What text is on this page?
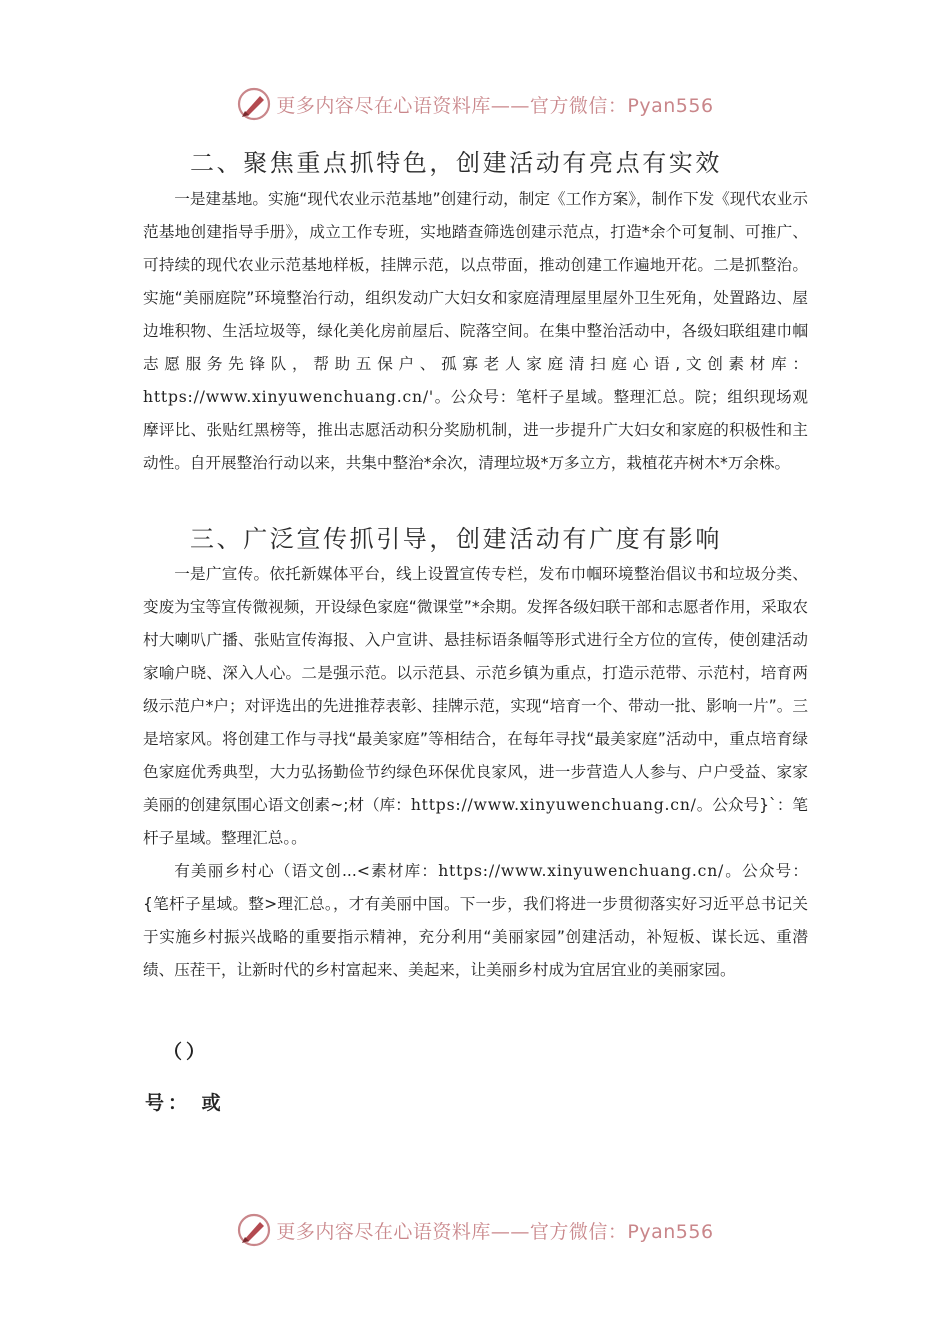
更多内容尽在心语资料库——官方微信：Pyan556
二、聚焦重点抓特色，创建活动有亮点有实效

一是建基地。实施“现代农业示范基地”创建行动，制定《工作方案》，制作下发《现代农业示范基地创建指导手册》，成立工作专班，实地踏查筛选创建示范点，打造*余个可复制、可推广、可持续的现代农业示范基地样板，挂牌示范，以点带面，推动创建工作遍地开花。二是抓整治。实施“美丽庭院”环境整治行动，组织发动广大妇女和家庭清理屋里屋外卫生死角，处置路边、屋边堆积物、生活垃圾等，绿化美化房前屋后、院落空间。在集中整治活动中，各级妇联组建巾帼志愿服务先锋队，帮助五保户、孤寡老人家庭清扫庭心语,文创素材库：https://www.xinyuwenchuang.cn/'。公众号：笔杆子星域。整理汇总。院；组织现场观摩评比、张贴红黑榜等，推出志愿活动积分奖励机制，进一步提升广大妇女和家庭的积极性和主动性。自开展整治行动以来，共集中整治*余次，清理垃圾*万多立方，栽植花卉树木*万余株。

三、广泛宣传抓引导，创建活动有广度有影响

一是广宣传。依托新媒体平台，线上设置宣传专栏，发布巾帼环境整治倡议书和垃圾分类、变废为宝等宣传微视频，开设绿色家庭“微课堂”*余期。发挥各级妇联干部和志愿者作用，采取农村大喇叭广播、张贴宣传海报、入户宣讲、悬挂标语条幅等形式进行全方位的宣传，使创建活动家喻户晓、深入人心。二是强示范。以示范县、示范乡镇为重点，打造示范带、示范村，培育两级示范户*户；对评选出的先进推荐表彰、挂牌示范，实现“培育一个、带动一批、影响一片”。三是培家风。将创建工作与寻找“最美家庭”等相结合，在每年寻找“最美家庭”活动中，重点培育绿色家庭优秀典型，大力弘扬勤俭节约绿色环保优良家风，进一步营造人人参与、户户受益、家家美丽的创建氛围心语文创素~;材（库：https://www.xinyuwenchuang.cn/。公众号}`：笔杆子星域。整理汇总。。

有美丽乡村心（语文创...<素材库：https://www.xinyuwenchuang.cn/。公众号：{笔杆子星域。整>理汇总。，才有美丽中国。下一步，我们将进一步贯彻落实好习近平总书记关于实施乡村振兴战略的重要指示精神，充分利用“美丽家园”创建活动，补短板、谋长远、重潜绩、压茬干，让新时代的乡村富起来、美起来，让美丽乡村成为宜居宜业的美丽家园。

（）
号： 或
更多内容尽在心语资料库——官方微信：Pyan556
